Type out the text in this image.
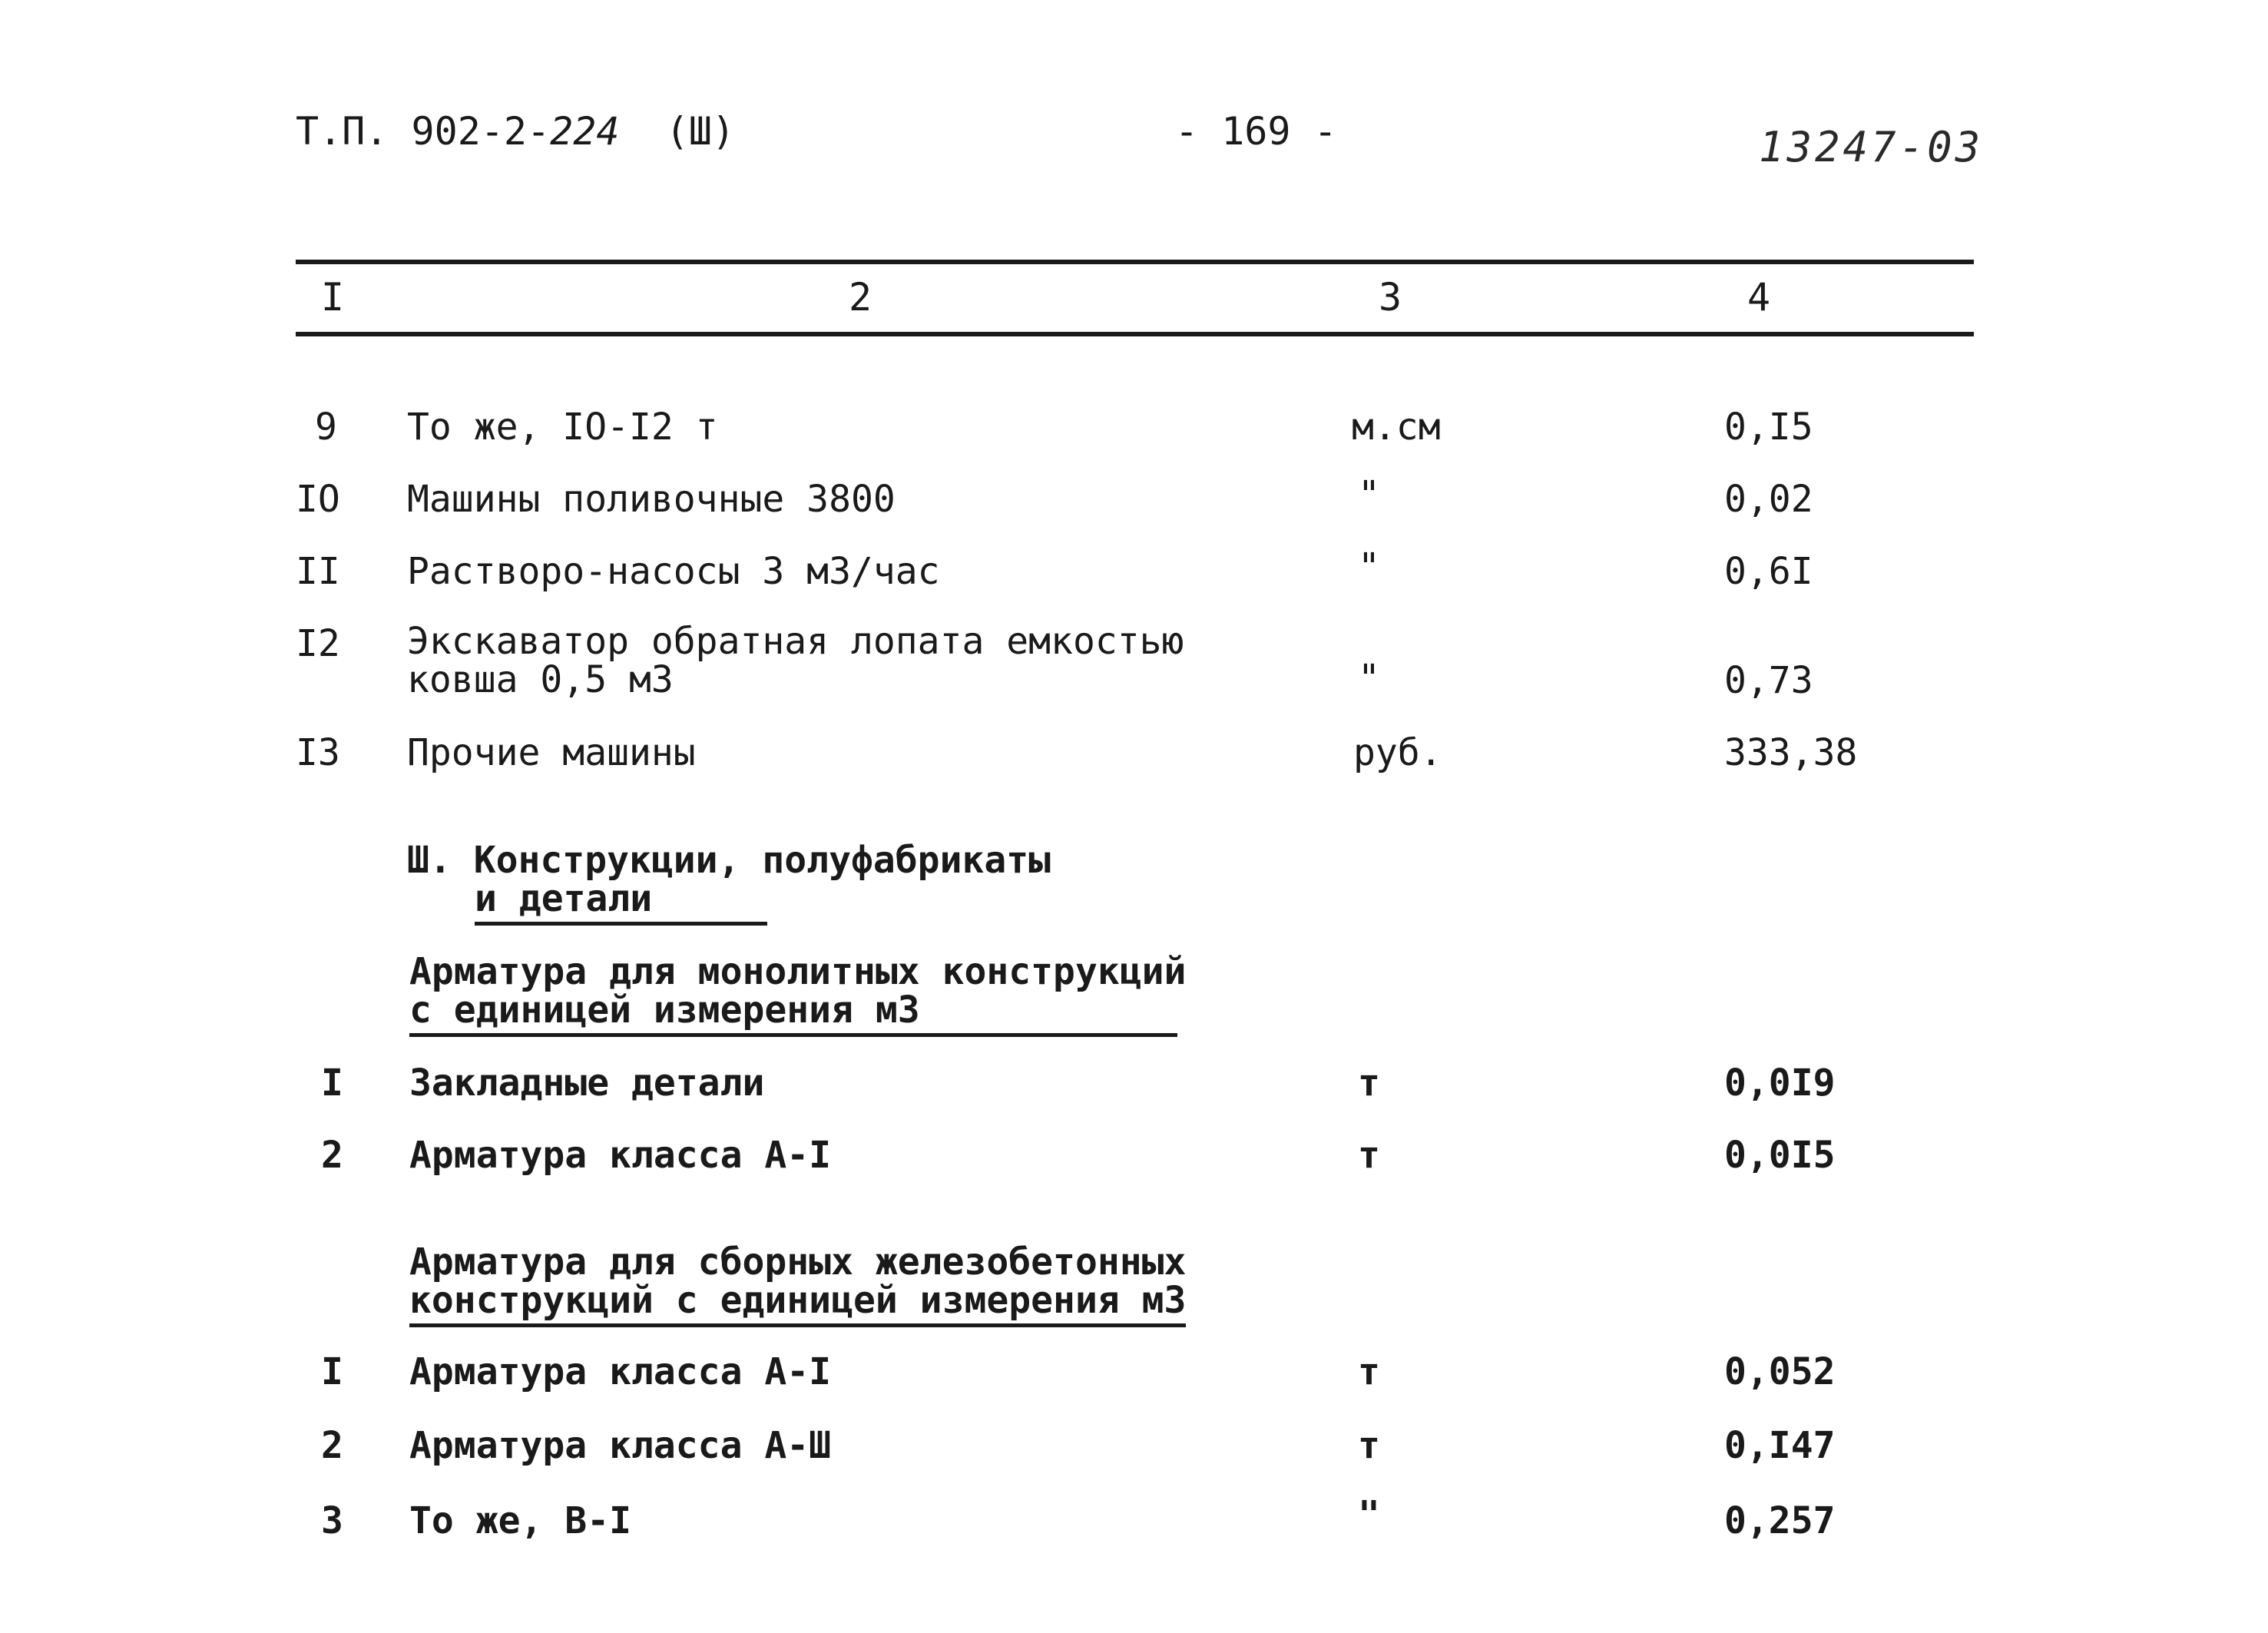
Т.П. 902-2-224 (Ш)	- 169 -	13247-03
I	2	3	4
9 То же, IO-I2 т	м.см	0,I5
IO Машины поливочные 3800	"	0,02
II Растворо-насосы 3 м3/час	"	0,6I
I2 Экскаватор обратная лопата емкостью
ковша 0,5 м3	"	0,73
I3 Прочие машины	руб.	333,38
Ш. Конструкции, полуфабрикаты
и детали
Арматура для монолитных конструкций
с единицей измерения м3
I Закладные детали	т	0,0I9
2 Арматура класса А-I	т	0,0I5
Арматура для сборных железобетонных
конструкций с единицей измерения м3
I Арматура класса А-I	т	0,052
2 Арматура класса А-Ш	т	0,I47
3 То же, В-I	"	0,257
